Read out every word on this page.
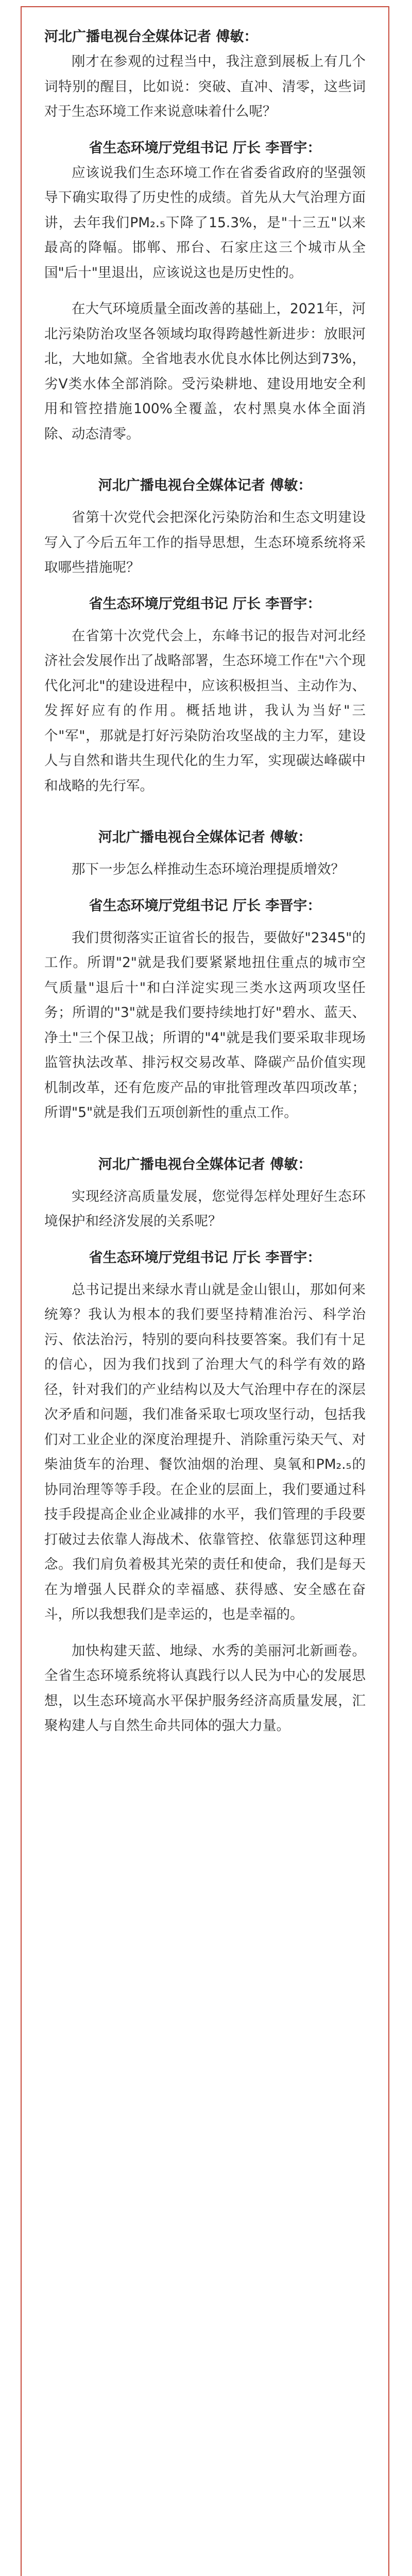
河北广播电视台全媒体记者 傅敏：

刚才在参观的过程当中，我注意到展板上有几个词特别的醒目，比如说：突破、直冲、清零，这些词对于生态环境工作来说意味着什么呢？

省生态环境厅党组书记 厅长 李晋宇：

应该说我们生态环境工作在省委省政府的坚强领导下确实取得了历史性的成绩。首先从大气治理方面讲，去年我们PM₂.₅下降了15.3%，是"十三五"以来最高的降幅。邯郸、邢台、石家庄这三个城市从全国"后十"里退出，应该说这也是历史性的。

在大气环境质量全面改善的基础上，2021年，河北污染防治攻坚各领域均取得跨越性新进步：放眼河北，大地如黛。全省地表水优良水体比例达到73%，劣Ⅴ类水体全部消除。受污染耕地、建设用地安全利用和管控措施100%全覆盖，农村黑臭水体全面消除、动态清零。

河北广播电视台全媒体记者 傅敏：

省第十次党代会把深化污染防治和生态文明建设写入了今后五年工作的指导思想，生态环境系统将采取哪些措施呢？

省生态环境厅党组书记 厅长 李晋宇：

在省第十次党代会上，东峰书记的报告对河北经济社会发展作出了战略部署，生态环境工作在"六个现代化河北"的建设进程中，应该积极担当、主动作为、发挥好应有的作用。概括地讲，我认为当好"三个"军"，那就是打好污染防治攻坚战的主力军，建设人与自然和谐共生现代化的生力军，实现碳达峰碳中和战略的先行军。

河北广播电视台全媒体记者 傅敏：

那下一步怎么样推动生态环境治理提质增效？

省生态环境厅党组书记 厅长 李晋宇：

我们贯彻落实正谊省长的报告，要做好"2345"的工作。所谓"2"就是我们要紧紧地扭住重点的城市空气质量"退后十"和白洋淀实现三类水这两项攻坚任务；所谓的"3"就是我们要持续地打好"碧水、蓝天、净土"三个保卫战；所谓的"4"就是我们要采取非现场监管执法改革、排污权交易改革、降碳产品价值实现机制改革，还有危废产品的审批管理改革四项改革；所谓"5"就是我们五项创新性的重点工作。

河北广播电视台全媒体记者 傅敏：

实现经济高质量发展，您觉得怎样处理好生态环境保护和经济发展的关系呢？

省生态环境厅党组书记 厅长 李晋宇：

总书记提出来绿水青山就是金山银山，那如何来统筹？我认为根本的我们要坚持精准治污、科学治污、依法治污，特别的要向科技要答案。我们有十足的信心，因为我们找到了治理大气的科学有效的路径，针对我们的产业结构以及大气治理中存在的深层次矛盾和问题，我们准备采取七项攻坚行动，包括我们对工业企业的深度治理提升、消除重污染天气、对柴油货车的治理、餐饮油烟的治理、臭氧和PM₂.₅的协同治理等等手段。在企业的层面上，我们要通过科技手段提高企业企业减排的水平，我们管理的手段要打破过去依靠人海战术、依靠管控、依靠惩罚这种理念。我们肩负着极其光荣的责任和使命，我们是每天在为增强人民群众的幸福感、获得感、安全感在奋斗，所以我想我们是幸运的，也是幸福的。

加快构建天蓝、地绿、水秀的美丽河北新画卷。全省生态环境系统将认真践行以人民为中心的发展思想，以生态环境高水平保护服务经济高质量发展，汇聚构建人与自然生命共同体的强大力量。
